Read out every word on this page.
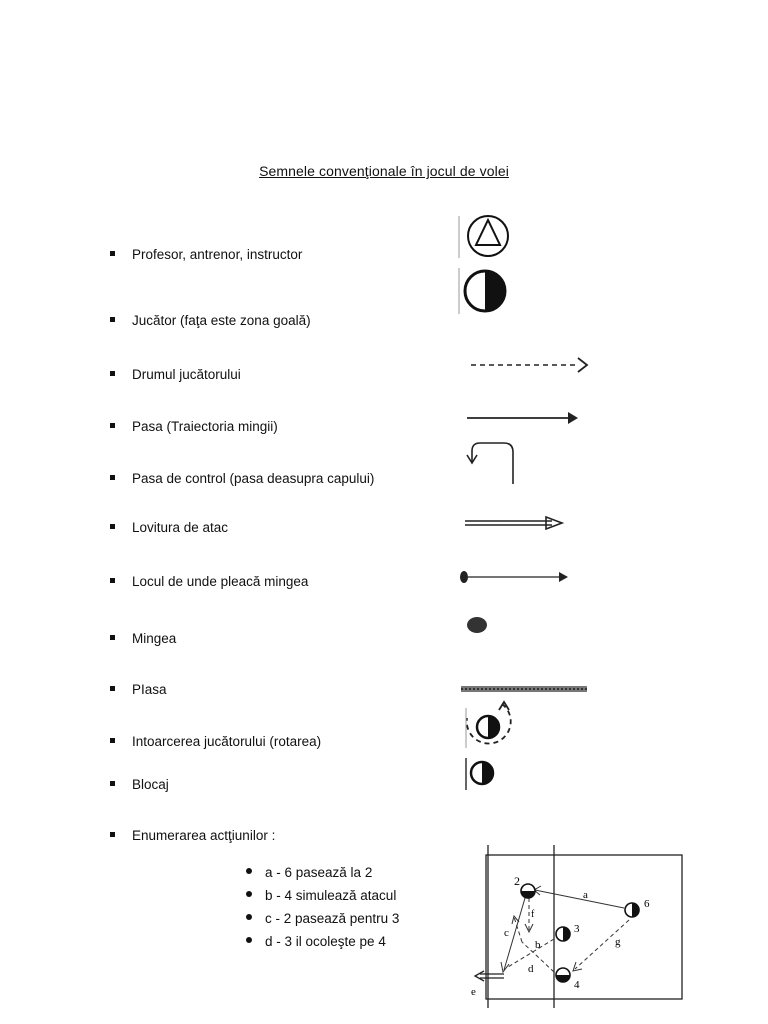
Semnele convenţionale în jocul de volei
Profesor, antrenor, instructor
Jucător (faţa este zona goală)
Drumul jucătorului
Pasa (Traiectoria mingii)
Pasa de control (pasa deasupra capului)
Lovitura de atac
Locul de unde pleacă mingea
Mingea
PIasa
Intoarcerea jucătorului (rotarea)
Blocaj
Enumerarea actţiunilor :
a - 6 pasează la 2
b - 4 simulează atacul
c - 2 pasează pentru 3
d - 3 il ocoleşte pe 4
2
3
4
6
a
b
c
d
e
f
g
